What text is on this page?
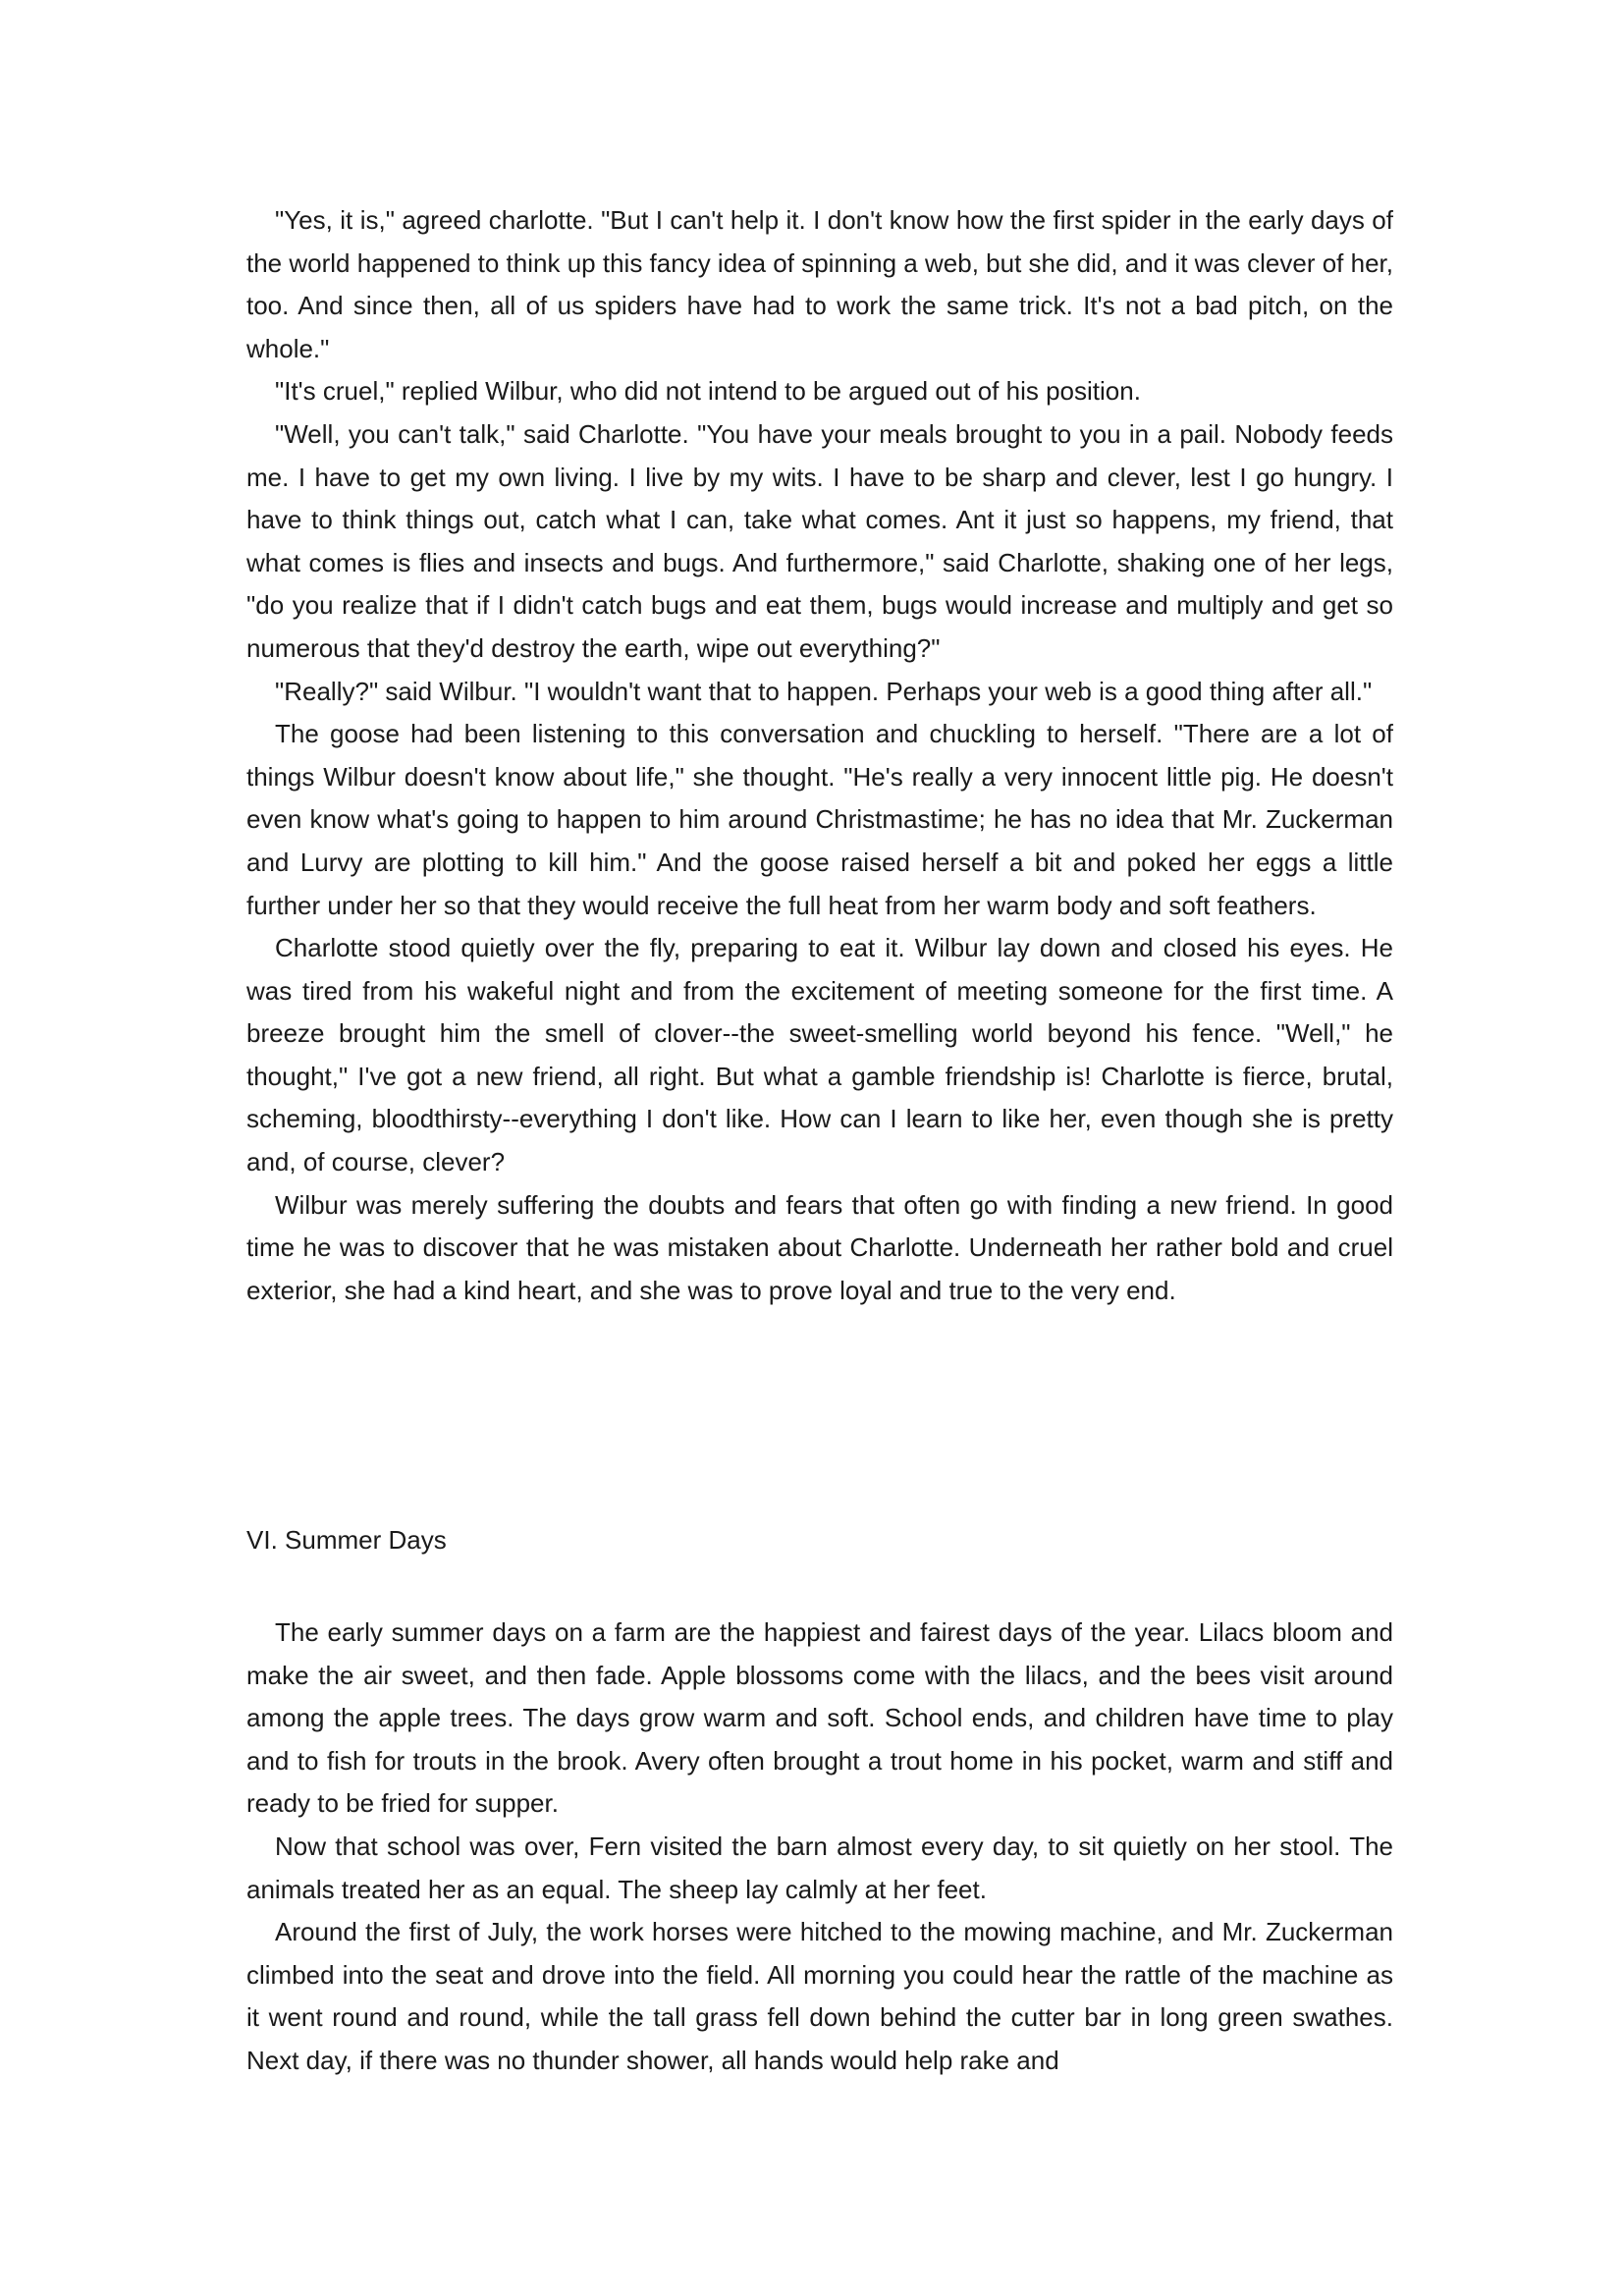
"Yes, it is," agreed charlotte. "But I can't help it. I don't know how the first spider in the early days of the world happened to think up this fancy idea of spinning a web, but she did, and it was clever of her, too. And since then, all of us spiders have had to work the same trick. It's not a bad pitch, on the whole."

"It's cruel," replied Wilbur, who did not intend to be argued out of his position.

"Well, you can't talk," said Charlotte. "You have your meals brought to you in a pail. Nobody feeds me. I have to get my own living. I live by my wits. I have to be sharp and clever, lest I go hungry. I have to think things out, catch what I can, take what comes. Ant it just so happens, my friend, that what comes is flies and insects and bugs. And furthermore," said Charlotte, shaking one of her legs, "do you realize that if I didn't catch bugs and eat them, bugs would increase and multiply and get so numerous that they'd destroy the earth, wipe out everything?"

"Really?" said Wilbur. "I wouldn't want that to happen. Perhaps your web is a good thing after all."

The goose had been listening to this conversation and chuckling to herself. "There are a lot of things Wilbur doesn't know about life," she thought. "He's really a very innocent little pig. He doesn't even know what's going to happen to him around Christmastime; he has no idea that Mr. Zuckerman and Lurvy are plotting to kill him." And the goose raised herself a bit and poked her eggs a little further under her so that they would receive the full heat from her warm body and soft feathers.

Charlotte stood quietly over the fly, preparing to eat it. Wilbur lay down and closed his eyes. He was tired from his wakeful night and from the excitement of meeting someone for the first time. A breeze brought him the smell of clover--the sweet-smelling world beyond his fence. "Well," he thought," I've got a new friend, all right. But what a gamble friendship is! Charlotte is fierce, brutal, scheming, bloodthirsty--everything I don't like. How can I learn to like her, even though she is pretty and, of course, clever?

Wilbur was merely suffering the doubts and fears that often go with finding a new friend. In good time he was to discover that he was mistaken about Charlotte. Underneath her rather bold and cruel exterior, she had a kind heart, and she was to prove loyal and true to the very end.

VI. Summer Days

The early summer days on a farm are the happiest and fairest days of the year. Lilacs bloom and make the air sweet, and then fade. Apple blossoms come with the lilacs, and the bees visit around among the apple trees. The days grow warm and soft. School ends, and children have time to play and to fish for trouts in the brook. Avery often brought a trout home in his pocket, warm and stiff and ready to be fried for supper.

Now that school was over, Fern visited the barn almost every day, to sit quietly on her stool. The animals treated her as an equal. The sheep lay calmly at her feet.

Around the first of July, the work horses were hitched to the mowing machine, and Mr. Zuckerman climbed into the seat and drove into the field. All morning you could hear the rattle of the machine as it went round and round, while the tall grass fell down behind the cutter bar in long green swathes. Next day, if there was no thunder shower, all hands would help rake and
